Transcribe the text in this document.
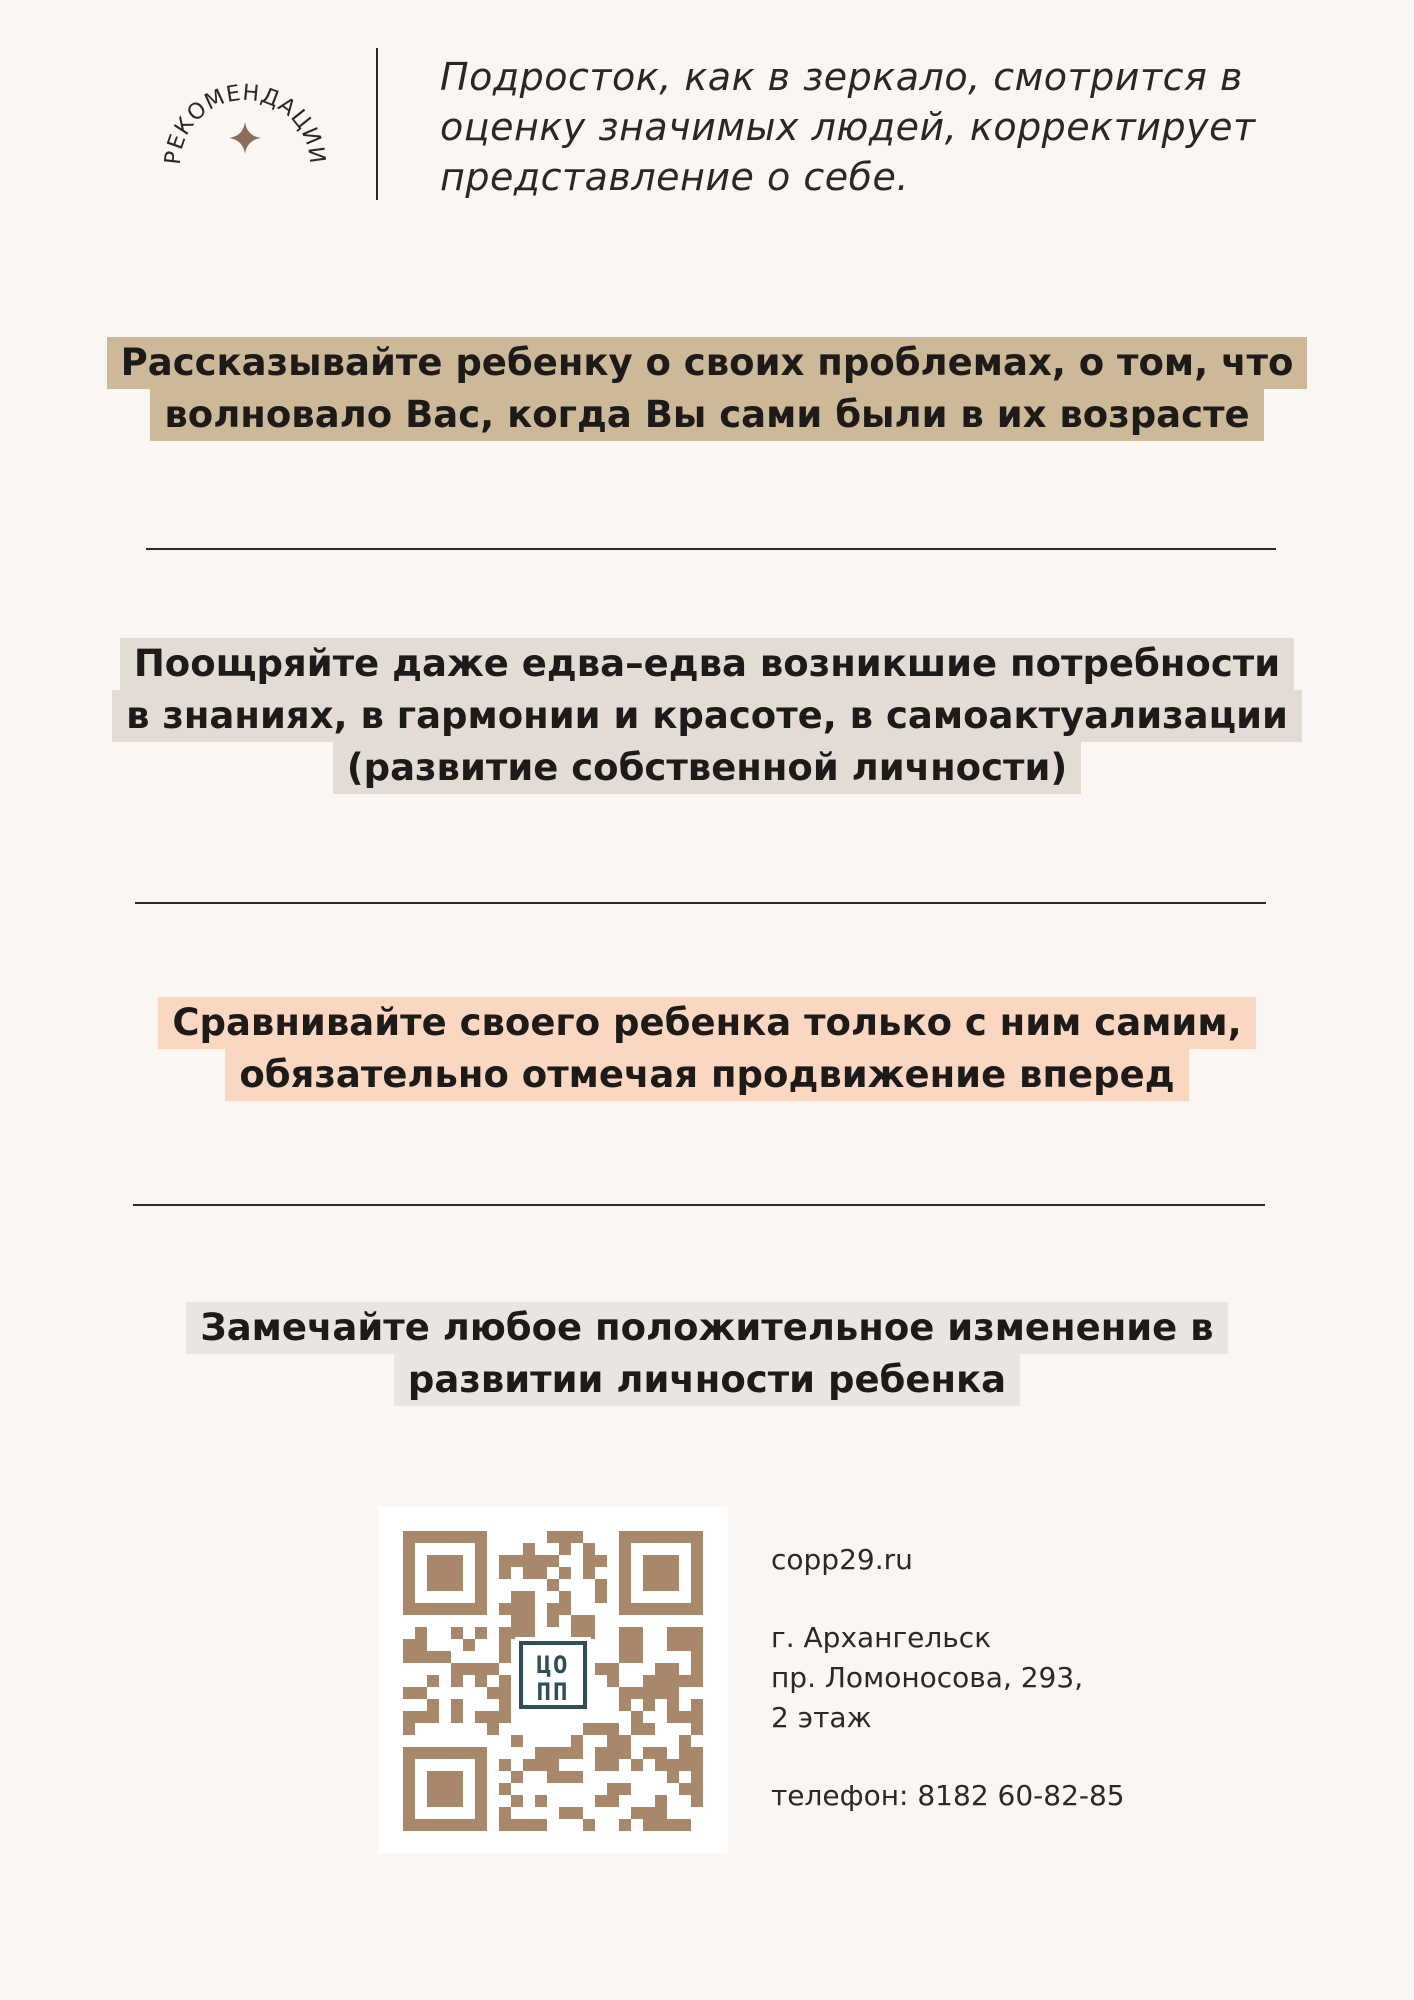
РЕКОМЕНДАЦИИ
Подросток, как в зеркало, смотрится в
оценку значимых людей, корректирует
представление о себе.

Рассказывайте ребенку о своих проблемах, о том, что

волновало Вас, когда Вы сами были в их возрасте

Поощряйте даже едва–едва возникшие потребности

в знаниях, в гармонии и красоте, в самоактуализации

(развитие собственной личности)

Сравнивайте своего ребенка только с ним самим,

обязательно отмечая продвижение вперед

Замечайте любое положительное изменение в

развитии личности ребенка

ЦО
ПП
copp29.ru
г. Архангельск
пр. Ломоносова, 293,
2 этаж
телефон: 8182 60-82-85
